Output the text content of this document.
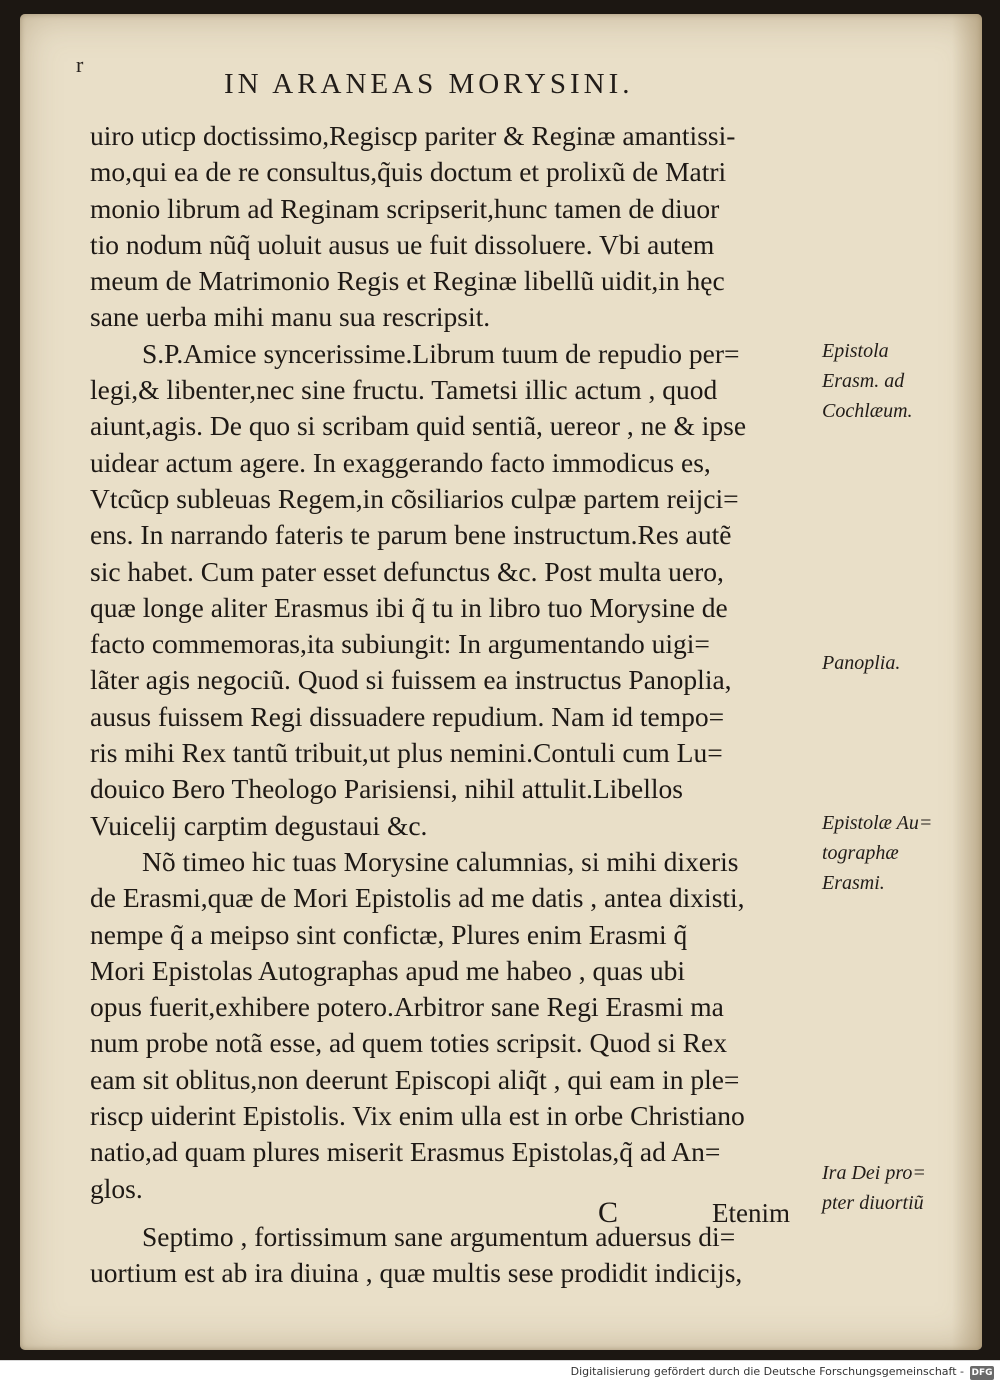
r
IN ARANEAS MORYSINI.
uiro uticp doctissimo,Regiscp pariter & Reginæ amantissi-
mo,qui ea de re consultus,q̃uis doctum et prolixũ de Matri
monio librum ad Reginam scripserit,hunc tamen de diuor
tio nodum nũq̃ uoluit ausus ue fuit dissoluere. Vbi autem
meum de Matrimonio Regis et Reginæ libellũ uidit,in hęc
sane uerba mihi manu sua rescripsit.
S.P.Amice syncerissime.Librum tuum de repudio per=
legi,& libenter,nec sine fructu. Tametsi illic actum , quod
aiunt,agis. De quo si scribam quid sentiã, uereor , ne & ipse
uidear actum agere. In exaggerando facto immodicus es,
Vtcũcp subleuas Regem,in cõsiliarios culpæ partem reijci=
ens. In narrando fateris te parum bene instructum.Res autẽ
sic habet. Cum pater esset defunctus &c. Post multa uero,
quæ longe aliter Erasmus ibi q̃ tu in libro tuo Morysine de
facto commemoras,ita subiungit: In argumentando uigi=
lãter agis negociũ. Quod si fuissem ea instructus Panoplia,
ausus fuissem Regi dissuadere repudium. Nam id tempo=
ris mihi Rex tantũ tribuit,ut plus nemini.Contuli cum Lu=
douico Bero Theologo Parisiensi, nihil attulit.Libellos
Vuicelij carptim degustaui &c.
Nõ timeo hic tuas Morysine calumnias, si mihi dixeris
de Erasmi,quæ de Mori Epistolis ad me datis , antea dixisti,
nempe q̃ a meipso sint confictæ, Plures enim Erasmi q̃
Mori Epistolas Autographas apud me habeo , quas ubi
opus fuerit,exhibere potero.Arbitror sane Regi Erasmi ma
num probe notã esse, ad quem toties scripsit. Quod si Rex
eam sit oblitus,non deerunt Episcopi aliq̃t , qui eam in ple=
riscp uiderint Epistolis. Vix enim ulla est in orbe Christiano
natio,ad quam plures miserit Erasmus Epistolas,q̃ ad An=
glos.
Septimo , fortissimum sane argumentum aduersus di=
uortium est ab ira diuina , quæ multis sese prodidit indicijs,
Epistola
Erasm. ad
Cochlæum.
Panoplia.
Epistolæ Au=
tographæ
Erasmi.
Ira Dei pro=
pter diuortiũ
C	Etenim
Digitalisierung gefördert durch die Deutsche Forschungsgemeinschaft - DFG
